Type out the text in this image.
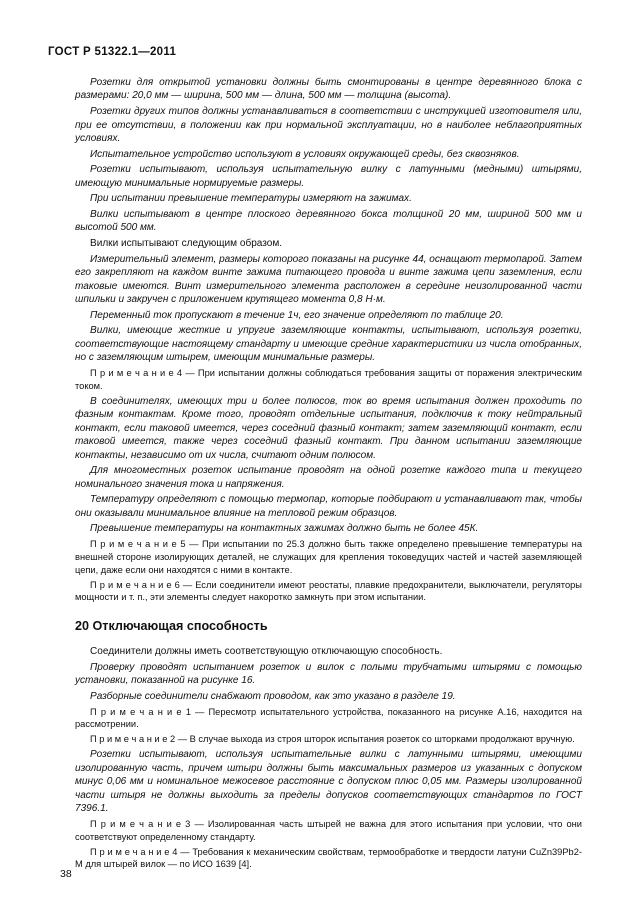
ГОСТ Р 51322.1—2011

Розетки для открытой установки должны быть смонтированы в центре деревянного блока с размерами: 20,0 мм — ширина, 500 мм — длина, 500 мм — толщина (высота).

Розетки других типов должны устанавливаться в соответствии с инструкцией изготовителя или, при ее отсутствии, в положении как при нормальной эксплуатации, но в наиболее неблагоприятных условиях.

Испытательное устройство используют в условиях окружающей среды, без сквозняков.

Розетки испытывают, используя испытательную вилку с латунными (медными) штырями, имеющую минимальные нормируемые размеры.

При испытании превышение температуры измеряют на зажимах.

Вилки испытывают в центре плоского деревянного бокса толщиной 20 мм, шириной 500 мм и высотой 500 мм.

Вилки испытывают следующим образом.

Измерительный элемент, размеры которого показаны на рисунке 44, оснащают термопарой. Затем его закрепляют на каждом винте зажима питающего провода и винте зажима цепи заземления, если таковые имеются. Винт измерительного элемента расположен в середине неизолированной части шпильки и закручен с приложением крутящего момента 0,8 Н·м.

Переменный ток пропускают в течение 1ч, его значение определяют по таблице 20.

Вилки, имеющие жесткие и упругие заземляющие контакты, испытывают, используя розетки, соответствующие настоящему стандарту и имеющие средние характеристики из числа отобранных, но с заземляющим штырем, имеющим минимальные размеры.

П р и м е ч а н и е 4 — При испытании должны соблюдаться требования защиты от поражения электрическим током.

В соединителях, имеющих три и более полюсов, ток во время испытания должен проходить по фазным контактам. Кроме того, проводят отдельные испытания, подключив к току нейтральный контакт, если таковой имеется, через соседний фазный контакт; затем заземляющий контакт, если таковой имеется, также через соседний фазный контакт. При данном испытании заземляющие контакты, независимо от их числа, считают одним полюсом.

Для многоместных розеток испытание проводят на одной розетке каждого типа и текущего номинального значения тока и напряжения.

Температуру определяют с помощью термопар, которые подбирают и устанавливают так, чтобы они оказывали минимальное влияние на тепловой режим образцов.

Превышение температуры на контактных зажимах должно быть не более 45К.

П р и м е ч а н и е 5 — При испытании по 25.3 должно быть также определено превышение температуры на внешней стороне изолирующих деталей, не служащих для крепления токоведущих частей и частей заземляющей цепи, даже если они находятся с ними в контакте.

П р и м е ч а н и е 6 — Если соединители имеют реостаты, плавкие предохранители, выключатели, регуляторы мощности и т. п., эти элементы следует накоротко замкнуть при этом испытании.

20 Отключающая способность

Соединители должны иметь соответствующую отключающую способность.

Проверку проводят испытанием розеток и вилок с полыми трубчатыми штырями с помощью установки, показанной на рисунке 16.

Разборные соединители снабжают проводом, как это указано в разделе 19.

П р и м е ч а н и е 1 — Пересмотр испытательного устройства, показанного на рисунке А.16, находится на рассмотрении.

П р и м е ч а н и е 2 — В случае выхода из строя шторок испытания розеток со шторками продолжают вручную.

Розетки испытывают, используя испытательные вилки с латунными штырями, имеющими изолированную часть, причем штыри должны быть максимальных размеров из указанных с допуском минус 0,06 мм и номинальное межосевое расстояние с допуском плюс 0,05 мм. Размеры изолированной части штыря не должны выходить за пределы допусков соответствующих стандартов по ГОСТ 7396.1.

П р и м е ч а н и е 3 — Изолированная часть штырей не важна для этого испытания при условии, что они соответствуют определенному стандарту.

П р и м е ч а н и е 4 — Требования к механическим свойствам, термообработке и твердости латуни CuZn39Pb2-M для штырей вилок — по ИСО 1639 [4].

38
